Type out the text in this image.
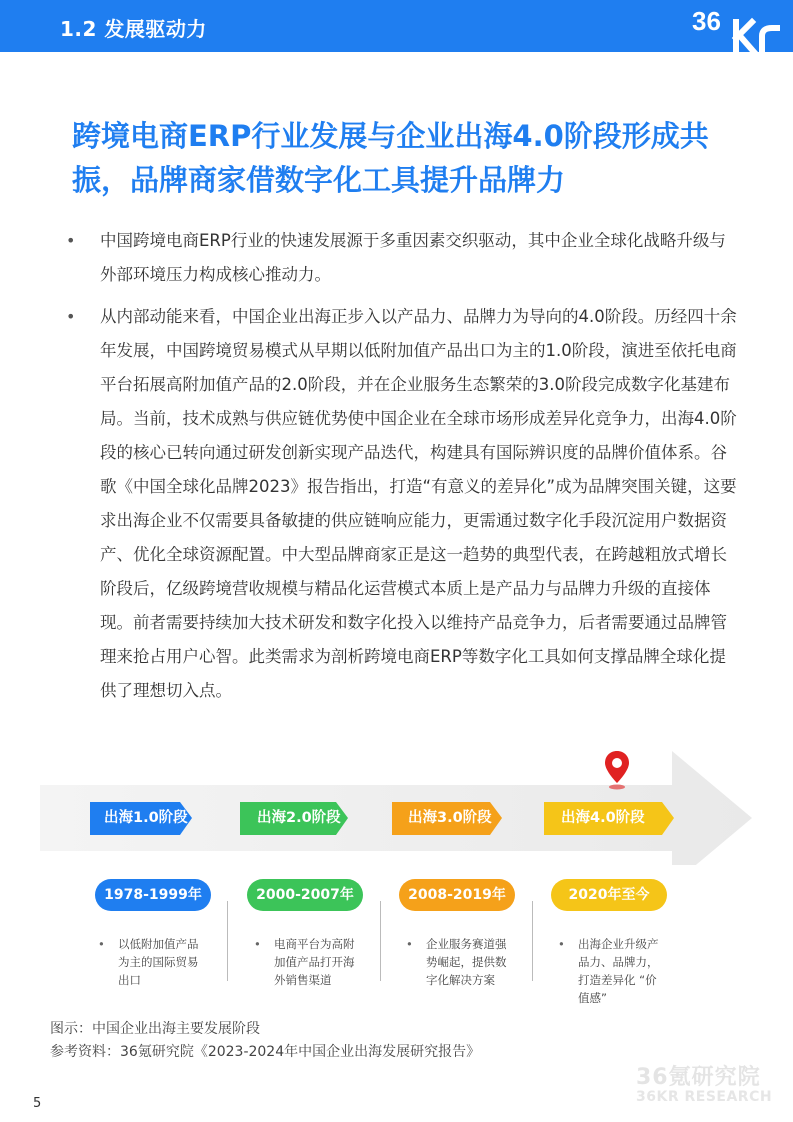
1.2 发展驱动力	36
跨境电商ERP行业发展与企业出海4.0阶段形成共振，品牌商家借数字化工具提升品牌力
• 中国跨境电商ERP行业的快速发展源于多重因素交织驱动，其中企业全球化战略升级与外部环境压力构成核心推动力。
• 从内部动能来看，中国企业出海正步入以产品力、品牌力为导向的4.0阶段。历经四十余年发展，中国跨境贸易模式从早期以低附加值产品出口为主的1.0阶段，演进至依托电商平台拓展高附加值产品的2.0阶段，并在企业服务生态繁荣的3.0阶段完成数字化基建布局。当前，技术成熟与供应链优势使中国企业在全球市场形成差异化竞争力，出海4.0阶段的核心已转向通过研发创新实现产品迭代，构建具有国际辨识度的品牌价值体系。谷歌《中国全球化品牌2023》报告指出，打造“有意义的差异化”成为品牌突围关键，这要求出海企业不仅需要具备敏捷的供应链响应能力，更需通过数字化手段沉淀用户数据资产、优化全球资源配置。中大型品牌商家正是这一趋势的典型代表，在跨越粗放式增长阶段后，亿级跨境营收规模与精品化运营模式本质上是产品力与品牌力升级的直接体现。前者需要持续加大技术研发和数字化投入以维持产品竞争力，后者需要通过品牌管理来抢占用户心智。此类需求为剖析跨境电商ERP等数字化工具如何支撑品牌全球化提供了理想切入点。
出海1.0阶段	出海2.0阶段	出海3.0阶段	出海4.0阶段
1978-1999年	2000-2007年	2008-2019年	2020年至今
• 以低附加值产品为主的国际贸易出口
• 电商平台为高附加值产品打开海外销售渠道
• 企业服务赛道强势崛起，提供数字化解决方案
• 出海企业升级产品力、品牌力，打造差异化 “价值感”
图示：中国企业出海主要发展阶段
参考资料：36氪研究院《2023-2024年中国企业出海发展研究报告》
36氪研究院
36KR RESEARCH
5
